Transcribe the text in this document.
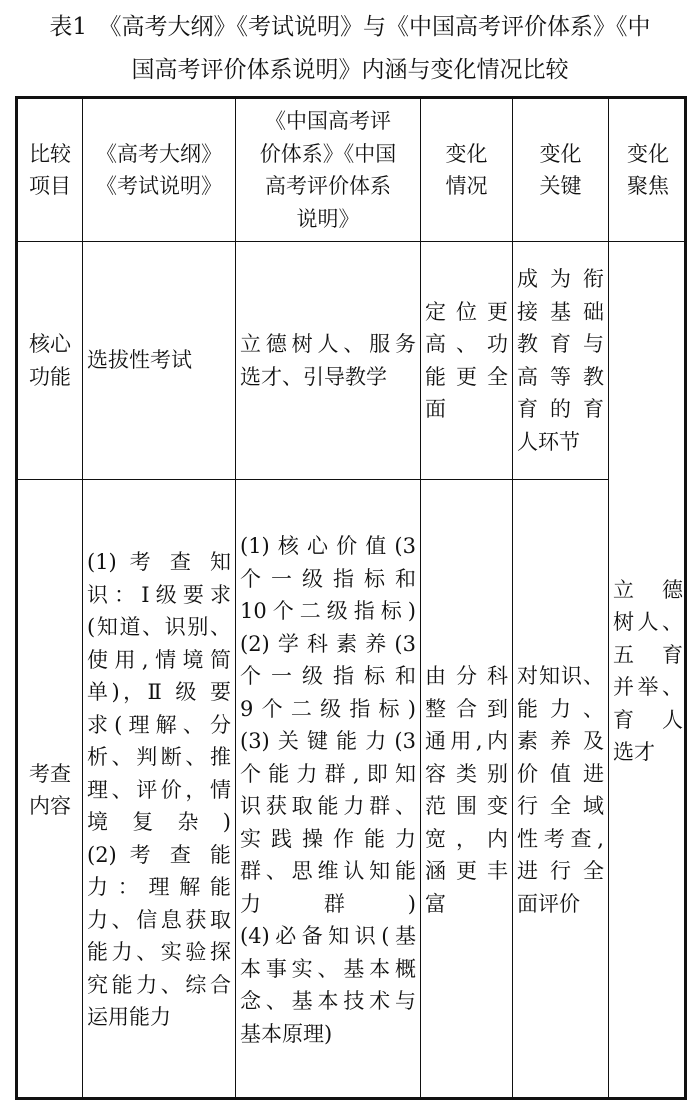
表1　《高考大纲》《考试说明》与《中国高考评价体系》《中
国高考评价体系说明》内涵与变化情况比较
比较
项目
《高考大纲》
《考试说明》
《中国高考评
价体系》《中国
高考评价体系
说明》
变化
情况
变化
关键
变化
聚焦
核心
功能
选拔性考试
立德树人、服务
选才、引导教学
定位更
高、功
能更全
面
成为衔
接基础
教育与
高等教
育的育
人环节
考查
内容
(1) 考 查 知
识：Ⅰ级要求
(知道、识别、
使用,情境简
单)，Ⅱ 级 要
求(理解、分
析、判断、推
理、评价，情
境复杂)
(2) 考 查 能
力：理解能
力、信息获取
能力、实验探
究能力、综合
运用能力
(1)核心价值(3
个一级指标和
10个二级指标)
(2)学科素养(3
个一级指标和
9个二级指标)
(3)关键能力(3
个能力群,即知
识获取能力群、
实践操作能力
群、思维认知能
力群)
(4)必备知识(基
本事实、基本概
念、基本技术与
基本原理)
由分科
整合到
通用,内
容类别
范围变
宽，内
涵更丰
富
对知识、
能力、
素养及
价值进
行全域
性考查,
进行全
面评价
立德
树人、
五育
并举、
育人
选才
